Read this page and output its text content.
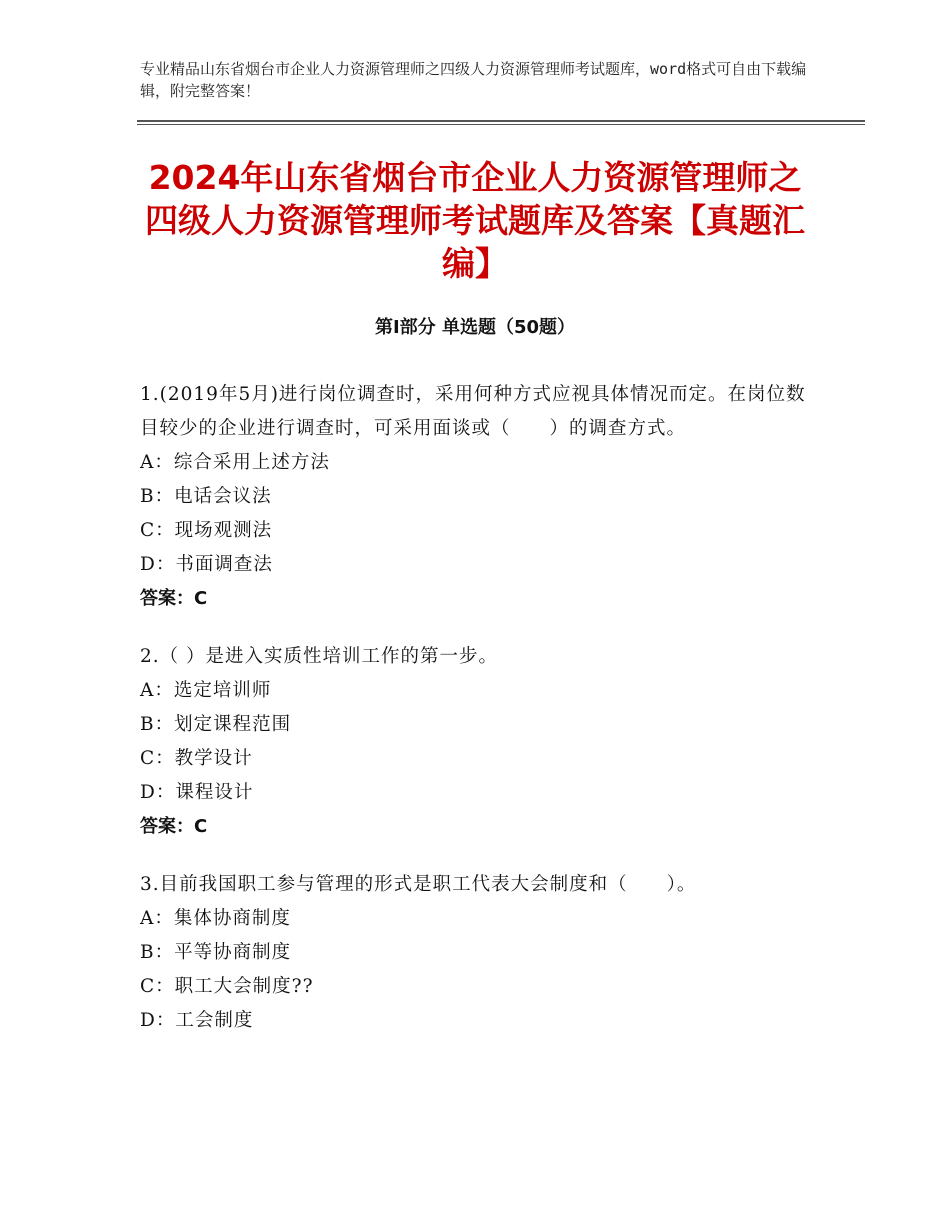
专业精品山东省烟台市企业人力资源管理师之四级人力资源管理师考试题库，word格式可自由下载编辑，附完整答案！
2024年山东省烟台市企业人力资源管理师之四级人力资源管理师考试题库及答案【真题汇编】
第Ⅰ部分 单选题（50题）
1.(2019年5月)进行岗位调查时，采用何种方式应视具体情况而定。在岗位数目较少的企业进行调查时，可采用面谈或（　　）的调查方式。
A：综合采用上述方法
B：电话会议法
C：现场观测法
D：书面调查法
答案：C
2.（ ）是进入实质性培训工作的第一步。
A：选定培训师
B：划定课程范围
C：教学设计
D：课程设计
答案：C
3.目前我国职工参与管理的形式是职工代表大会制度和（　　）。
A：集体协商制度
B：平等协商制度
C：职工大会制度??
D：工会制度
